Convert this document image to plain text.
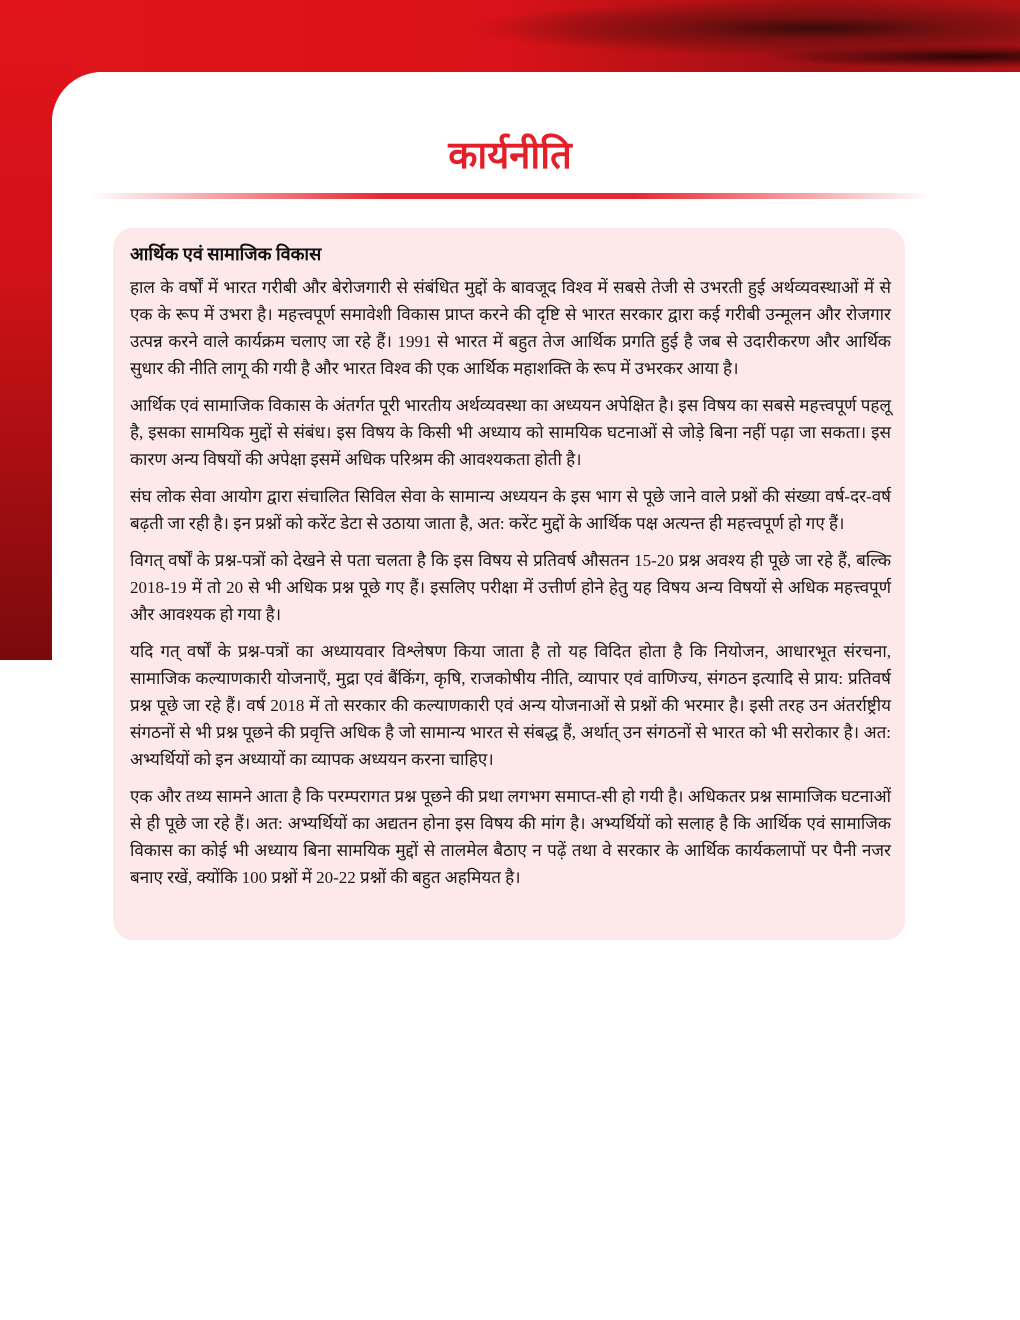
कार्यनीति
आर्थिक एवं सामाजिक विकास

हाल के वर्षों में भारत गरीबी और बेरोजगारी से संबंधित मुद्दों के बावजूद विश्व में सबसे तेजी से उभरती हुई अर्थव्यवस्थाओं में से एक के रूप में उभरा है। महत्त्वपूर्ण समावेशी विकास प्राप्त करने की दृष्टि से भारत सरकार द्वारा कई गरीबी उन्मूलन और रोजगार उत्पन्न करने वाले कार्यक्रम चलाए जा रहे हैं। 1991 से भारत में बहुत तेज आर्थिक प्रगति हुई है जब से उदारीकरण और आर्थिक सुधार की नीति लागू की गयी है और भारत विश्व की एक आर्थिक महाशक्ति के रूप में उभरकर आया है।

आर्थिक एवं सामाजिक विकास के अंतर्गत पूरी भारतीय अर्थव्यवस्था का अध्ययन अपेक्षित है। इस विषय का सबसे महत्त्वपूर्ण पहलू है, इसका सामयिक मुद्दों से संबंध। इस विषय के किसी भी अध्याय को सामयिक घटनाओं से जोड़े बिना नहीं पढ़ा जा सकता। इस कारण अन्य विषयों की अपेक्षा इसमें अधिक परिश्रम की आवश्यकता होती है।

संघ लोक सेवा आयोग द्वारा संचालित सिविल सेवा के सामान्य अध्ययन के इस भाग से पूछे जाने वाले प्रश्नों की संख्या वर्ष-दर-वर्ष बढ़ती जा रही है। इन प्रश्नों को करेंट डेटा से उठाया जाता है, अत: करेंट मुद्दों के आर्थिक पक्ष अत्यन्त ही महत्त्वपूर्ण हो गए हैं।

विगत् वर्षों के प्रश्न-पत्रों को देखने से पता चलता है कि इस विषय से प्रतिवर्ष औसतन 15-20 प्रश्न अवश्य ही पूछे जा रहे हैं, बल्कि 2018-19 में तो 20 से भी अधिक प्रश्न पूछे गए हैं। इसलिए परीक्षा में उत्तीर्ण होने हेतु यह विषय अन्य विषयों से अधिक महत्त्वपूर्ण और आवश्यक हो गया है।

यदि गत् वर्षों के प्रश्न-पत्रों का अध्यायवार विश्लेषण किया जाता है तो यह विदित होता है कि नियोजन, आधारभूत संरचना, सामाजिक कल्याणकारी योजनाएँ, मुद्रा एवं बैंकिंग, कृषि, राजकोषीय नीति, व्यापार एवं वाणिज्य, संगठन इत्यादि से प्राय: प्रतिवर्ष प्रश्न पूछे जा रहे हैं। वर्ष 2018 में तो सरकार की कल्याणकारी एवं अन्य योजनाओं से प्रश्नों की भरमार है। इसी तरह उन अंतर्राष्ट्रीय संगठनों से भी प्रश्न पूछने की प्रवृत्ति अधिक है जो सामान्य भारत से संबद्ध हैं, अर्थात् उन संगठनों से भारत को भी सरोकार है। अत: अभ्यर्थियों को इन अध्यायों का व्यापक अध्ययन करना चाहिए।

एक और तथ्य सामने आता है कि परम्परागत प्रश्न पूछने की प्रथा लगभग समाप्त-सी हो गयी है। अधिकतर प्रश्न सामाजिक घटनाओं से ही पूछे जा रहे हैं। अत: अभ्यर्थियों का अद्यतन होना इस विषय की मांग है। अभ्यर्थियों को सलाह है कि आर्थिक एवं सामाजिक विकास का कोई भी अध्याय बिना सामयिक मुद्दों से तालमेल बैठाए न पढ़ें तथा वे सरकार के आर्थिक कार्यकलापों पर पैनी नजर बनाए रखें, क्योंकि 100 प्रश्नों में 20-22 प्रश्नों की बहुत अहमियत है।
